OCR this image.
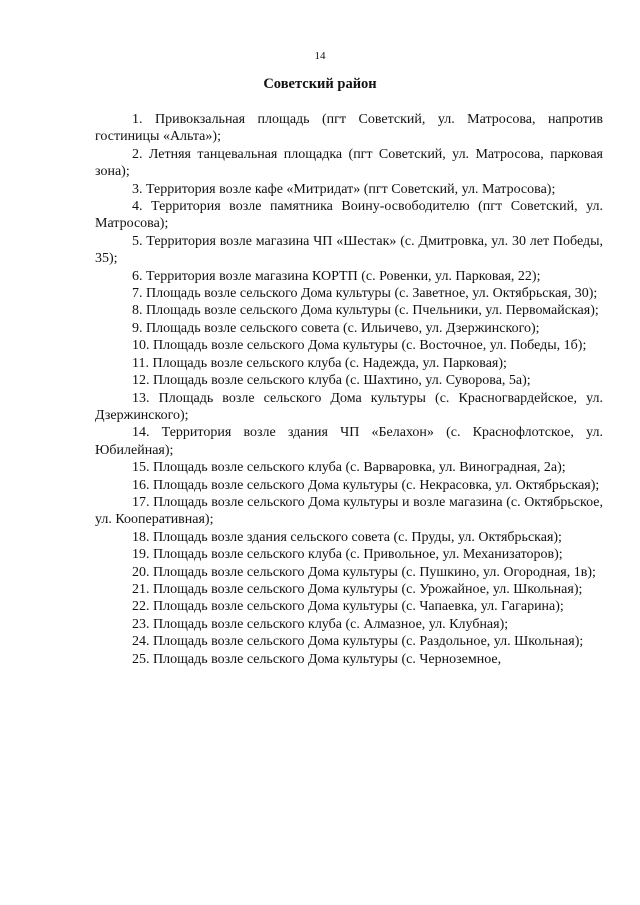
14
Советский район
1. Привокзальная площадь (пгт Советский, ул. Матросова, напротив гостиницы «Альта»);
2. Летняя танцевальная площадка (пгт Советский, ул. Матросова, парковая зона);
3. Территория возле кафе «Митридат» (пгт Советский, ул. Матросова);
4. Территория возле памятника Воину-освободителю (пгт Советский, ул. Матросова);
5. Территория возле магазина ЧП «Шестак» (с. Дмитровка, ул. 30 лет Победы, 35);
6. Территория возле магазина КОРТП (с. Ровенки, ул. Парковая, 22);
7. Площадь возле сельского Дома культуры (с. Заветное, ул. Октябрьская, 30);
8. Площадь возле сельского Дома культуры (с. Пчельники, ул. Первомайская);
9. Площадь возле сельского совета (с. Ильичево, ул. Дзержинского);
10. Площадь возле сельского Дома культуры (с. Восточное, ул. Победы, 1б);
11. Площадь возле сельского клуба (с. Надежда, ул. Парковая);
12. Площадь возле сельского клуба (с. Шахтино, ул. Суворова, 5а);
13. Площадь возле сельского Дома культуры (с. Красногвардейское, ул. Дзержинского);
14. Территория возле здания ЧП «Белахон» (с. Краснофлотское, ул. Юбилейная);
15. Площадь возле сельского клуба (с. Варваровка, ул. Виноградная, 2а);
16. Площадь возле сельского Дома культуры (с. Некрасовка, ул. Октябрьская);
17. Площадь возле сельского Дома культуры и возле магазина (с. Октябрьское, ул. Кооперативная);
18. Площадь возле здания сельского совета (с. Пруды, ул. Октябрьская);
19. Площадь возле сельского клуба (с. Привольное, ул. Механизаторов);
20. Площадь возле сельского Дома культуры (с. Пушкино, ул. Огородная, 1в);
21. Площадь возле сельского Дома культуры (с. Урожайное, ул. Школьная);
22. Площадь возле сельского Дома культуры (с. Чапаевка, ул. Гагарина);
23. Площадь возле сельского клуба (с. Алмазное, ул. Клубная);
24. Площадь возле сельского Дома культуры (с. Раздольное, ул. Школьная);
25. Площадь возле сельского Дома культуры (с. Черноземное,
